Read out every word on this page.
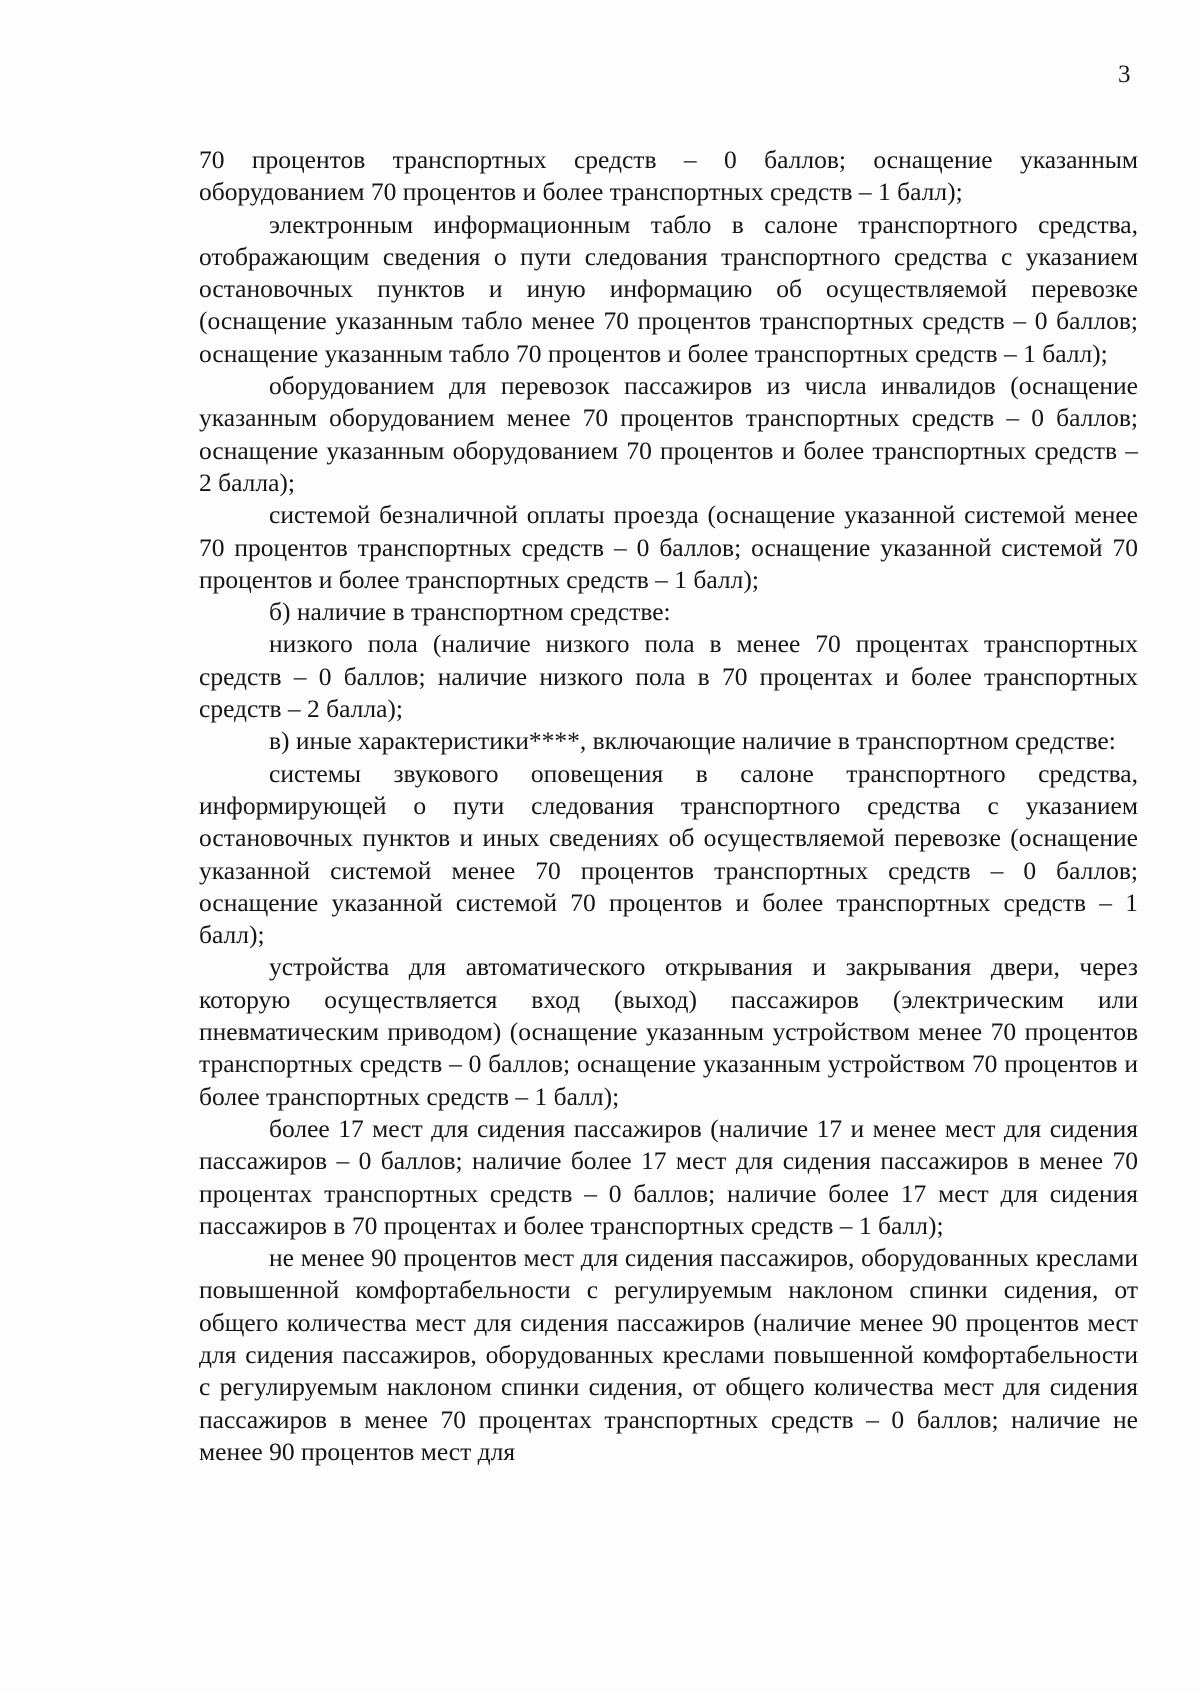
3

70 процентов транспортных средств – 0 баллов; оснащение указанным оборудованием 70 процентов и более транспортных средств – 1 балл);

электронным информационным табло в салоне транспортного средства, отображающим сведения о пути следования транспортного средства с указанием остановочных пунктов и иную информацию об осуществляемой перевозке (оснащение указанным табло менее 70 процентов транспортных средств – 0 баллов; оснащение указанным табло 70 процентов и более транспортных средств – 1 балл);

оборудованием для перевозок пассажиров из числа инвалидов (оснащение указанным оборудованием менее 70 процентов транспортных средств – 0 баллов; оснащение указанным оборудованием 70 процентов и более транспортных средств – 2 балла);

системой безналичной оплаты проезда (оснащение указанной системой менее 70 процентов транспортных средств – 0 баллов; оснащение указанной системой 70 процентов и более транспортных средств – 1 балл);

б) наличие в транспортном средстве:

низкого пола (наличие низкого пола в менее 70 процентах транспортных средств – 0 баллов; наличие низкого пола в 70 процентах и более транспортных средств – 2 балла);

в) иные характеристики****, включающие наличие в транспортном средстве:

системы звукового оповещения в салоне транспортного средства, информирующей о пути следования транспортного средства с указанием остановочных пунктов и иных сведениях об осуществляемой перевозке (оснащение указанной системой менее 70 процентов транспортных средств – 0 баллов; оснащение указанной системой 70 процентов и более транспортных средств – 1 балл);

устройства для автоматического открывания и закрывания двери, через которую осуществляется вход (выход) пассажиров (электрическим или пневматическим приводом) (оснащение указанным устройством менее 70 процентов транспортных средств – 0 баллов; оснащение указанным устройством 70 процентов и более транспортных средств – 1 балл);

более 17 мест для сидения пассажиров (наличие 17 и менее мест для сидения пассажиров – 0 баллов; наличие более 17 мест для сидения пассажиров в менее 70 процентах транспортных средств – 0 баллов; наличие более 17 мест для сидения пассажиров в 70 процентах и более транспортных средств – 1 балл);

не менее 90 процентов мест для сидения пассажиров, оборудованных креслами повышенной комфортабельности с регулируемым наклоном спинки сидения, от общего количества мест для сидения пассажиров (наличие менее 90 процентов мест для сидения пассажиров, оборудованных креслами повышенной комфортабельности с регулируемым наклоном спинки сидения, от общего количества мест для сидения пассажиров в менее 70 процентах транспортных средств – 0 баллов; наличие не менее 90 процентов мест для
